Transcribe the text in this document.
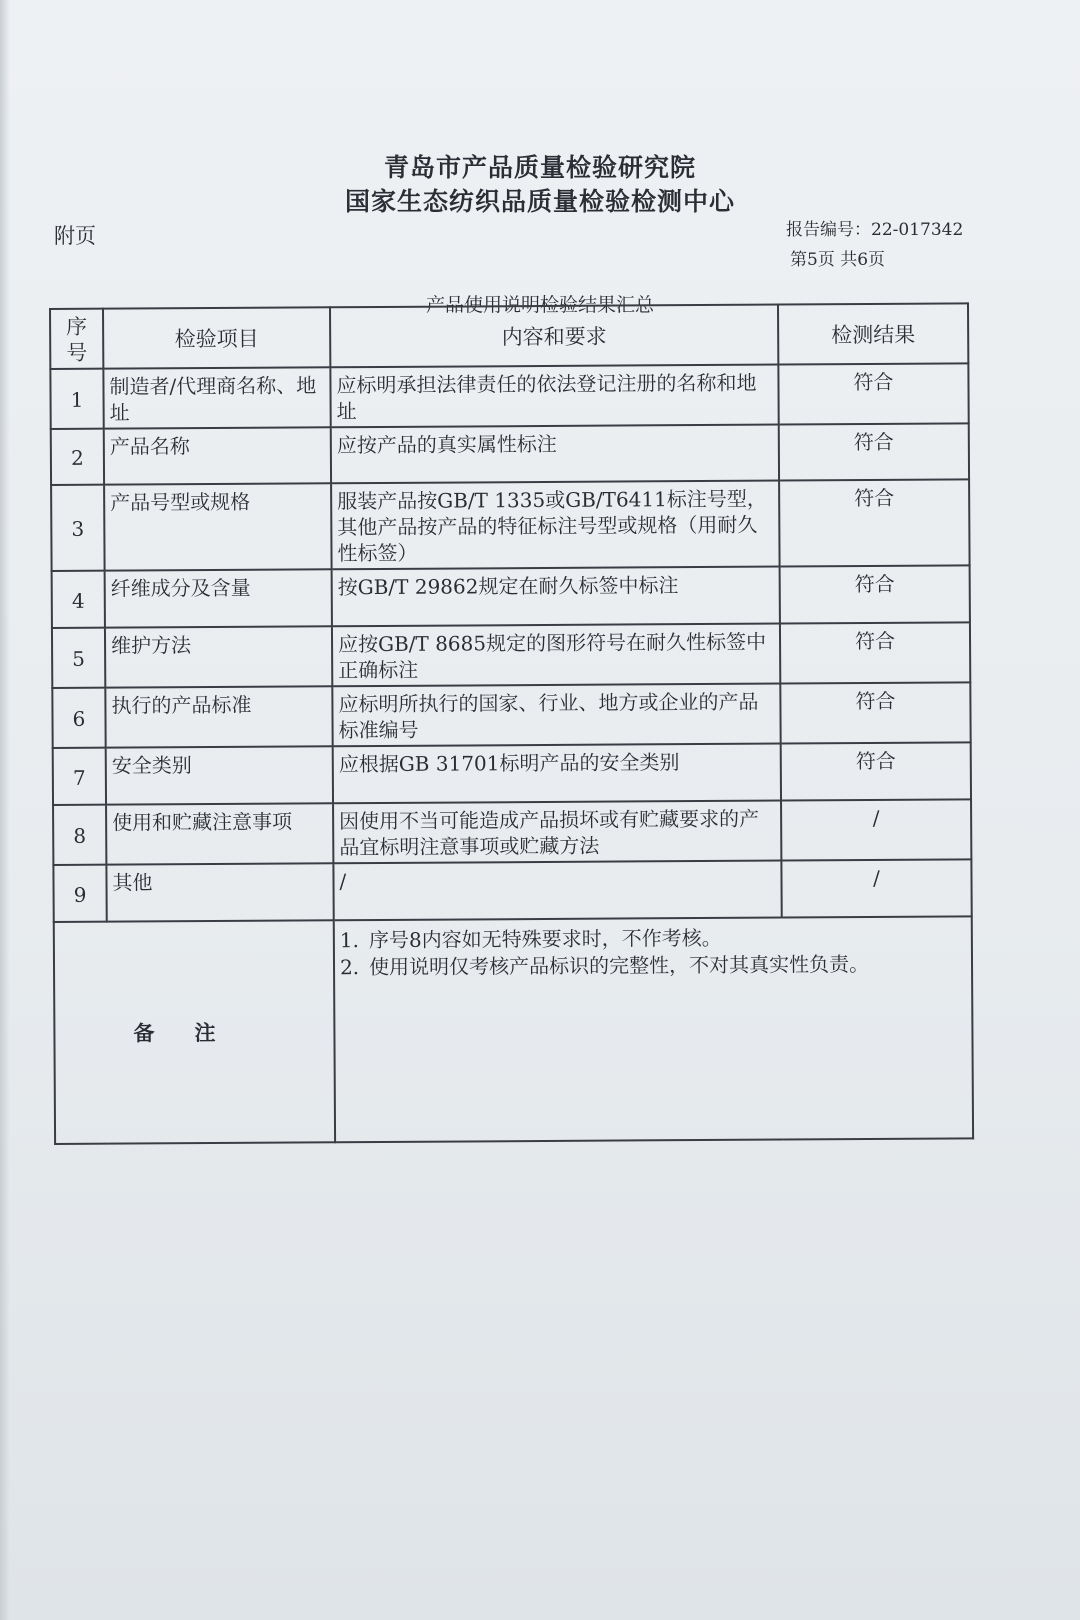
青岛市产品质量检验研究院
国家生态纺织品质量检验检测中心
附页	报告编号：22-017342
第5页 共6页
产品使用说明检验结果汇总
序号	检验项目	内容和要求	检测结果
1	制造者/代理商名称、地址	应标明承担法律责任的依法登记注册的名称和地址	符合
2	产品名称	应按产品的真实属性标注	符合
3	产品号型或规格	服装产品按GB/T 1335或GB/T6411标注号型，其他产品按产品的特征标注号型或规格（用耐久性标签）	符合
4	纤维成分及含量	按GB/T 29862规定在耐久标签中标注	符合
5	维护方法	应按GB/T 8685规定的图形符号在耐久性标签中正确标注	符合
6	执行的产品标准	应标明所执行的国家、行业、地方或企业的产品标准编号	符合
7	安全类别	应根据GB 31701标明产品的安全类别	符合
8	使用和贮藏注意事项	因使用不当可能造成产品损坏或有贮藏要求的产品宜标明注意事项或贮藏方法	/
9	其他	/	/
备注		1. 序号8内容如无特殊要求时，不作考核。
2. 使用说明仅考核产品标识的完整性，不对其真实性负责。	
